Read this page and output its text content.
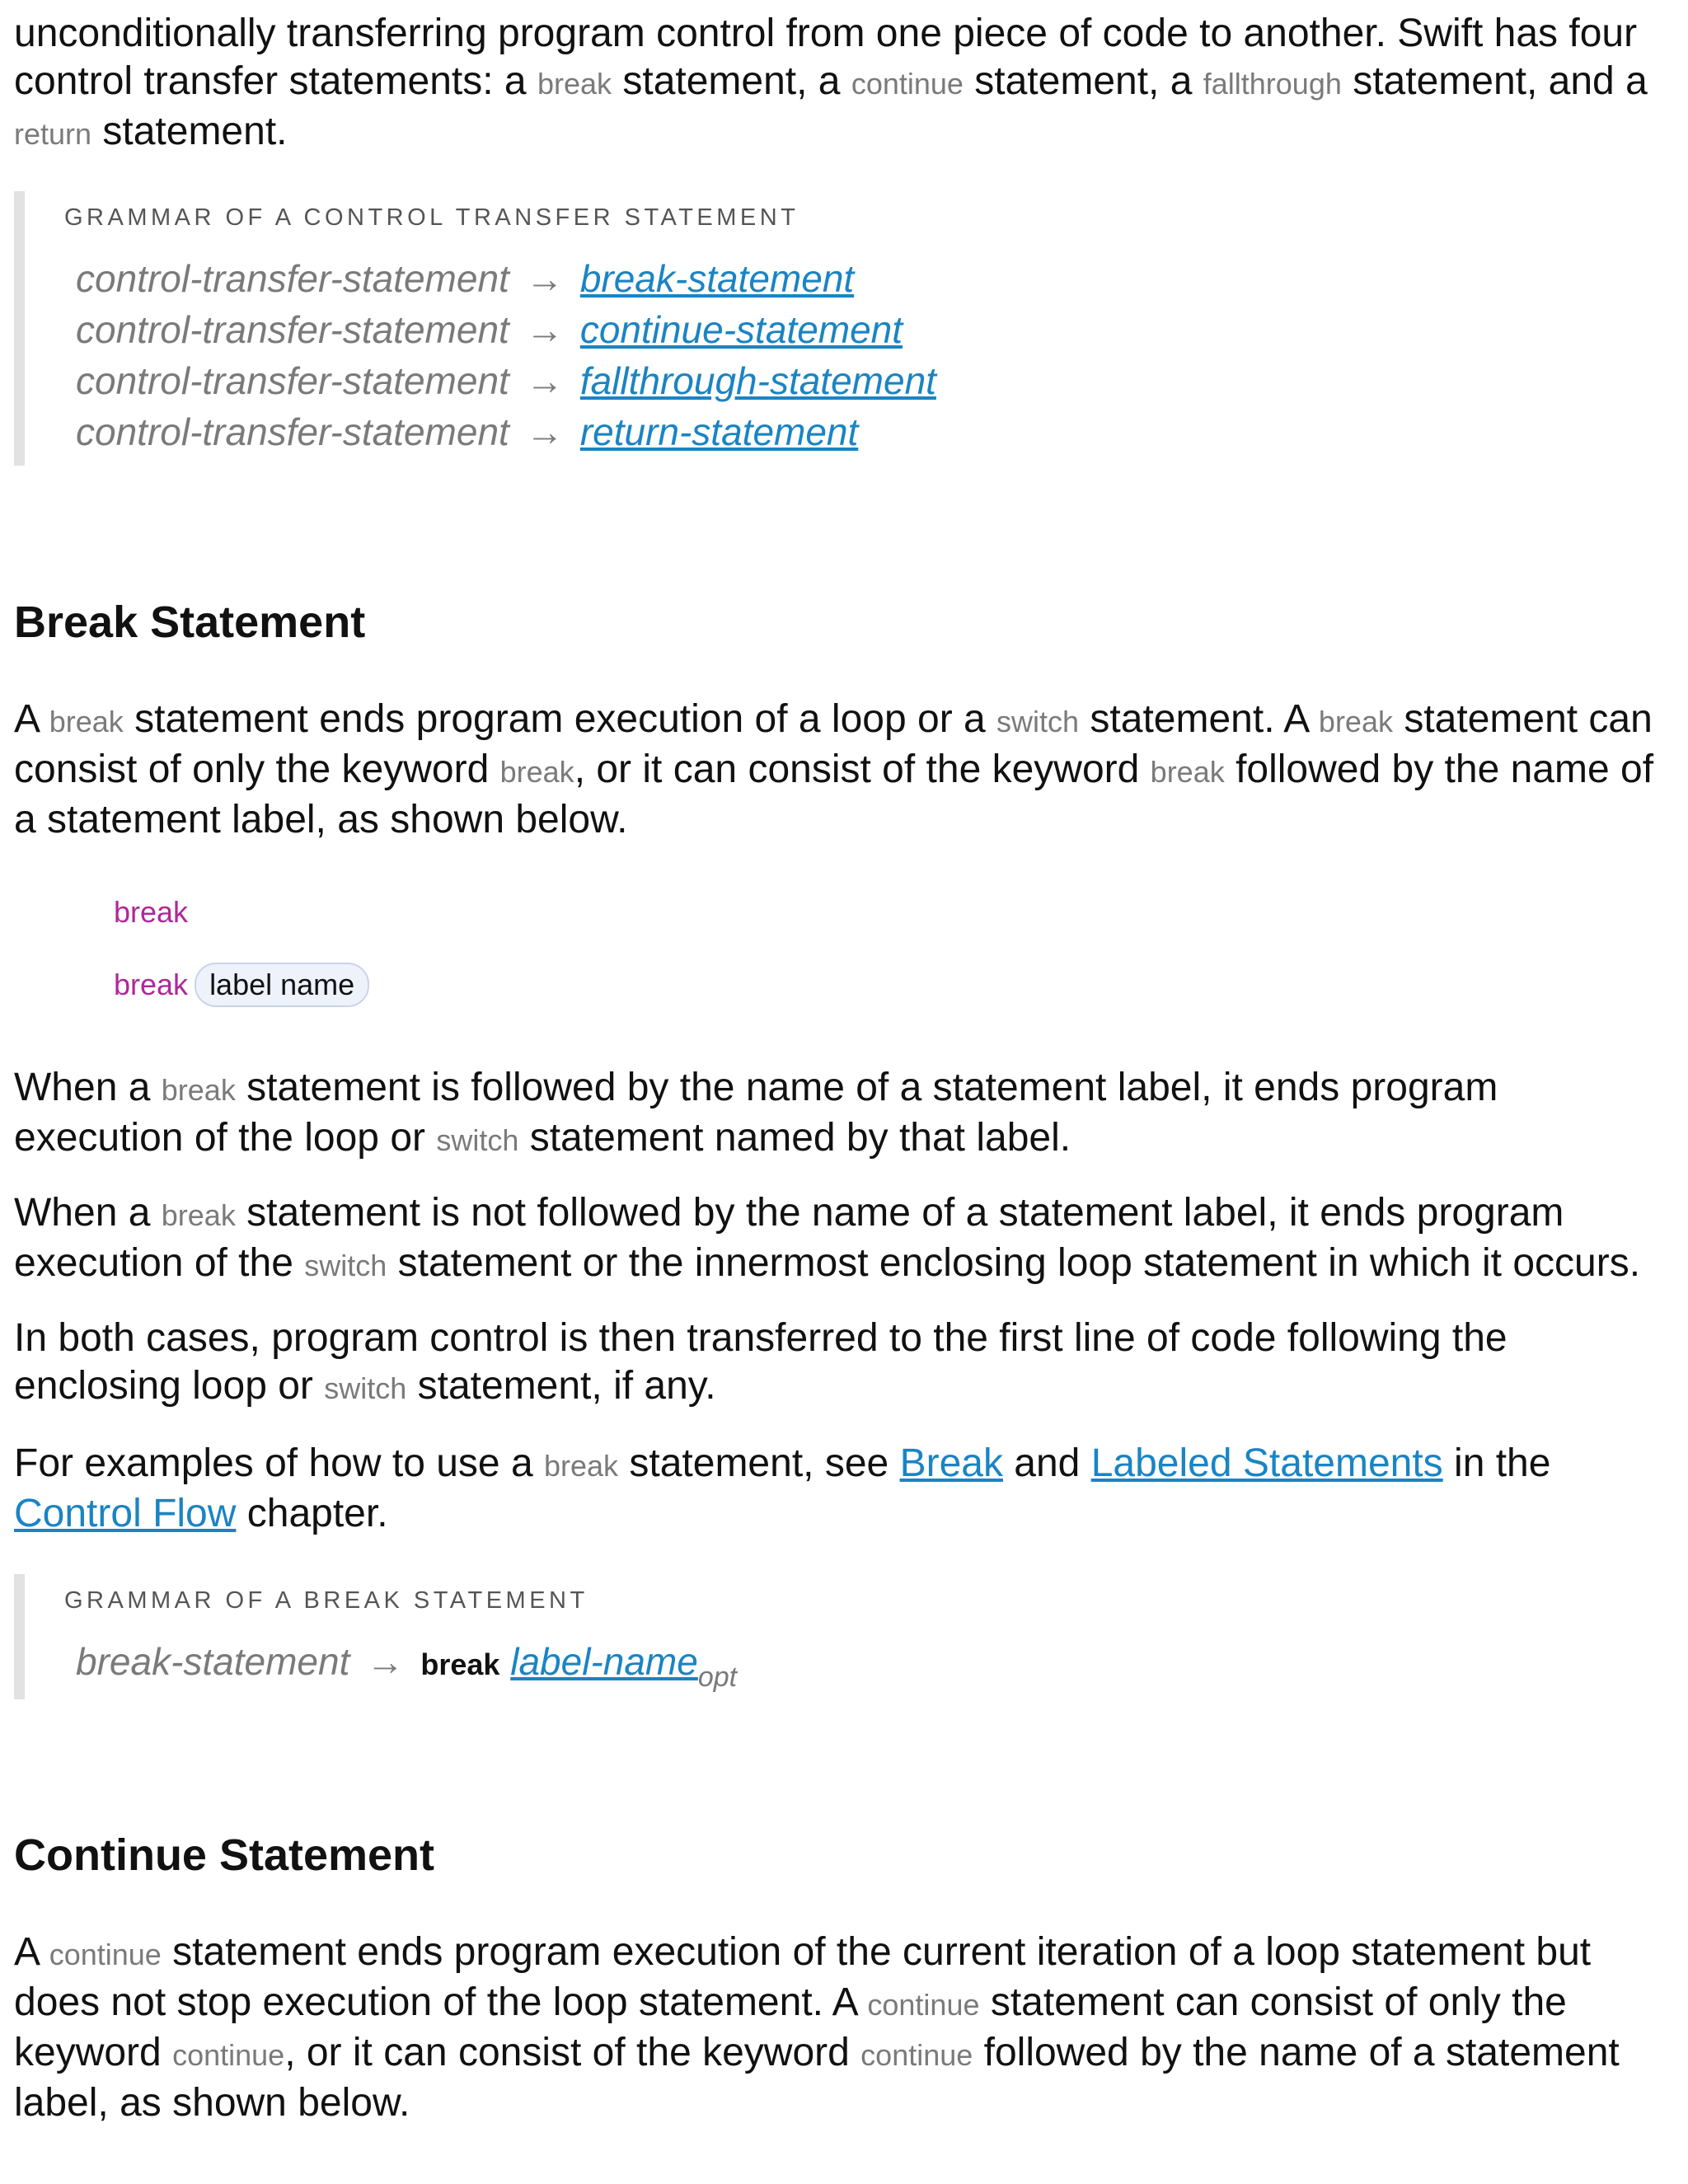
unconditionally transferring program control from one piece of code to another. Swift has four control transfer statements: a break statement, a continue statement, a fallthrough statement, and a return statement.

GRAMMAR OF A CONTROL TRANSFER STATEMENT

control-transfer-statement → break-statement
control-transfer-statement → continue-statement
control-transfer-statement → fallthrough-statement
control-transfer-statement → return-statement
Break Statement

A break statement ends program execution of a loop or a switch statement. A break statement can consist of only the keyword break, or it can consist of the keyword break followed by the name of a statement label, as shown below.

break
break label name

When a break statement is followed by the name of a statement label, it ends program execution of the loop or switch statement named by that label.

When a break statement is not followed by the name of a statement label, it ends program execution of the switch statement or the innermost enclosing loop statement in which it occurs.

In both cases, program control is then transferred to the first line of code following the enclosing loop or switch statement, if any.

For examples of how to use a break statement, see Break and Labeled Statements in the Control Flow chapter.

GRAMMAR OF A BREAK STATEMENT

break-statement → break label-name$_{opt}$
Continue Statement

A continue statement ends program execution of the current iteration of a loop statement but does not stop execution of the loop statement. A continue statement can consist of only the keyword continue, or it can consist of the keyword continue followed by the name of a statement label, as shown below.
